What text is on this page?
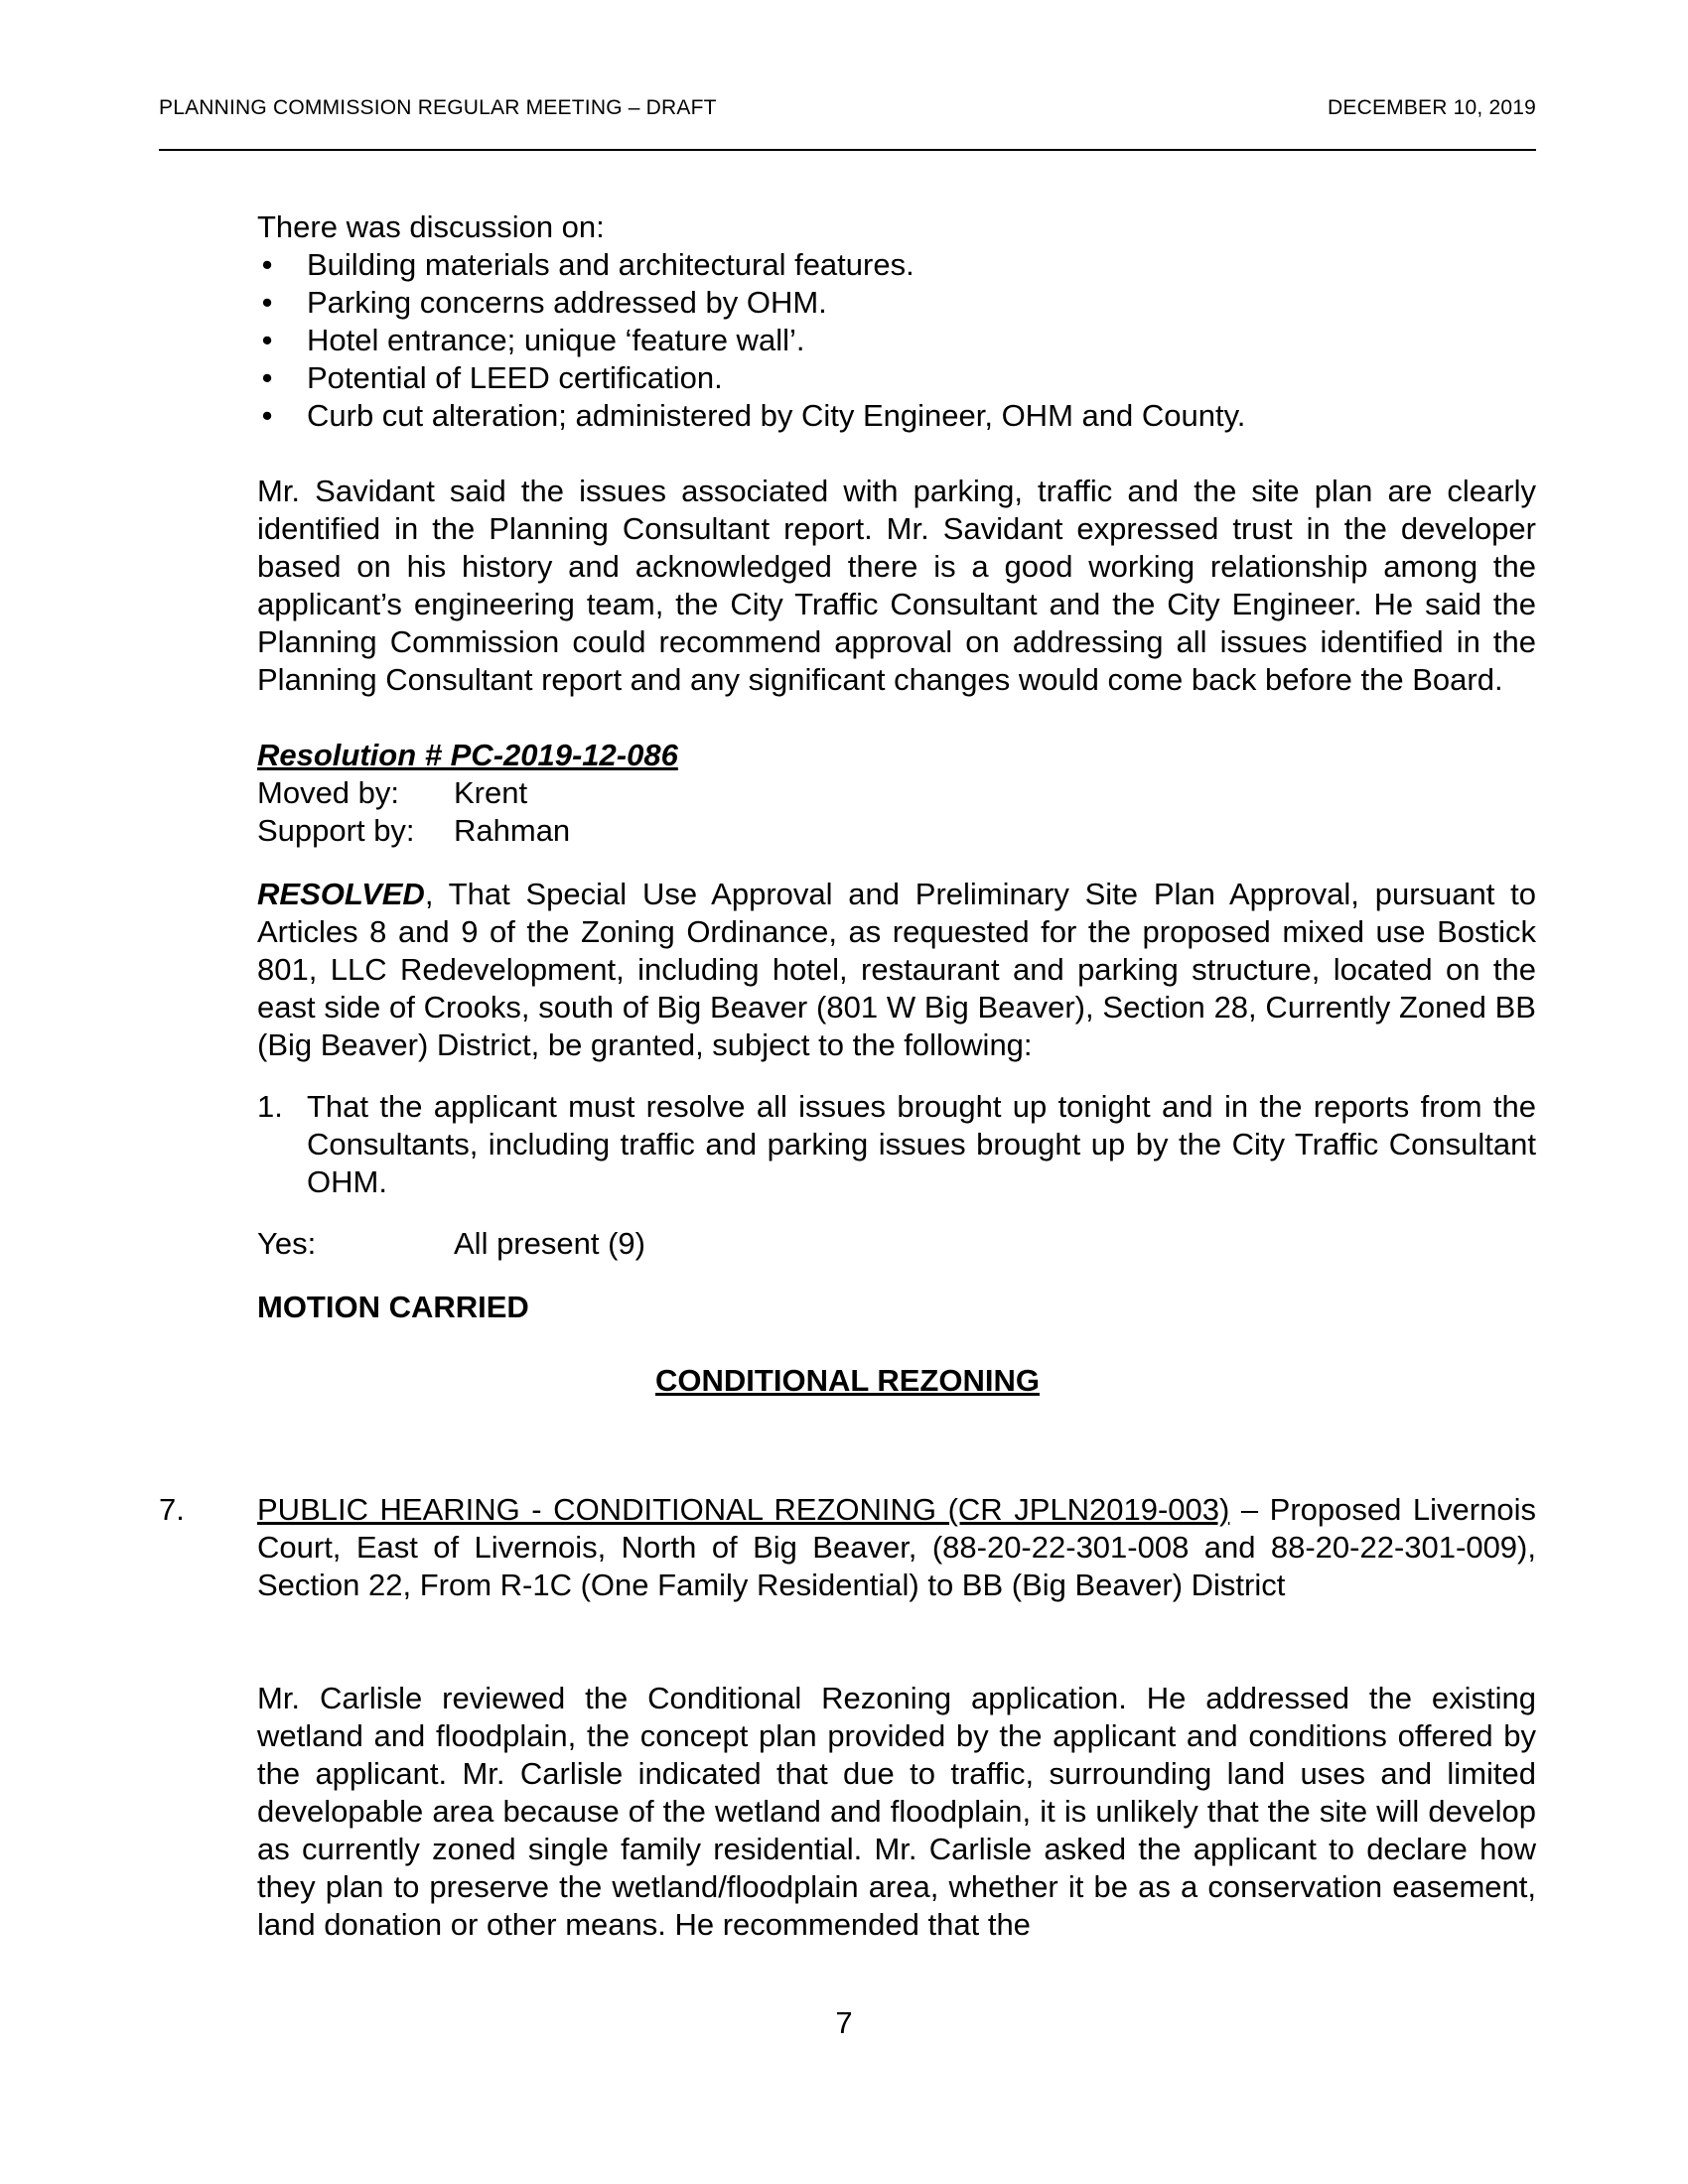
PLANNING COMMISSION REGULAR MEETING – DRAFT	DECEMBER 10, 2019

There was discussion on:

• Building materials and architectural features.
• Parking concerns addressed by OHM.
• Hotel entrance; unique ‘feature wall’.
• Potential of LEED certification.
• Curb cut alteration; administered by City Engineer, OHM and County.

Mr. Savidant said the issues associated with parking, traffic and the site plan are clearly identified in the Planning Consultant report. Mr. Savidant expressed trust in the developer based on his history and acknowledged there is a good working relationship among the applicant’s engineering team, the City Traffic Consultant and the City Engineer. He said the Planning Commission could recommend approval on addressing all issues identified in the Planning Consultant report and any significant changes would come back before the Board.

Resolution # PC-2019-12-086

Moved by:	Krent
Support by:	Rahman

RESOLVED, That Special Use Approval and Preliminary Site Plan Approval, pursuant to Articles 8 and 9 of the Zoning Ordinance, as requested for the proposed mixed use Bostick 801, LLC Redevelopment, including hotel, restaurant and parking structure, located on the east side of Crooks, south of Big Beaver (801 W Big Beaver), Section 28, Currently Zoned BB (Big Beaver) District, be granted, subject to the following:

1. That the applicant must resolve all issues brought up tonight and in the reports from the Consultants, including traffic and parking issues brought up by the City Traffic Consultant OHM.
Yes:	All present (9)

MOTION CARRIED

CONDITIONAL REZONING

7.	PUBLIC HEARING - CONDITIONAL REZONING (CR JPLN2019-003) – Proposed Livernois Court, East of Livernois, North of Big Beaver, (88-20-22-301-008 and 88-20-22-301-009), Section 22, From R-1C (One Family Residential) to BB (Big Beaver) District

Mr. Carlisle reviewed the Conditional Rezoning application. He addressed the existing wetland and floodplain, the concept plan provided by the applicant and conditions offered by the applicant. Mr. Carlisle indicated that due to traffic, surrounding land uses and limited developable area because of the wetland and floodplain, it is unlikely that the site will develop as currently zoned single family residential. Mr. Carlisle asked the applicant to declare how they plan to preserve the wetland/floodplain area, whether it be as a conservation easement, land donation or other means. He recommended that the

7
